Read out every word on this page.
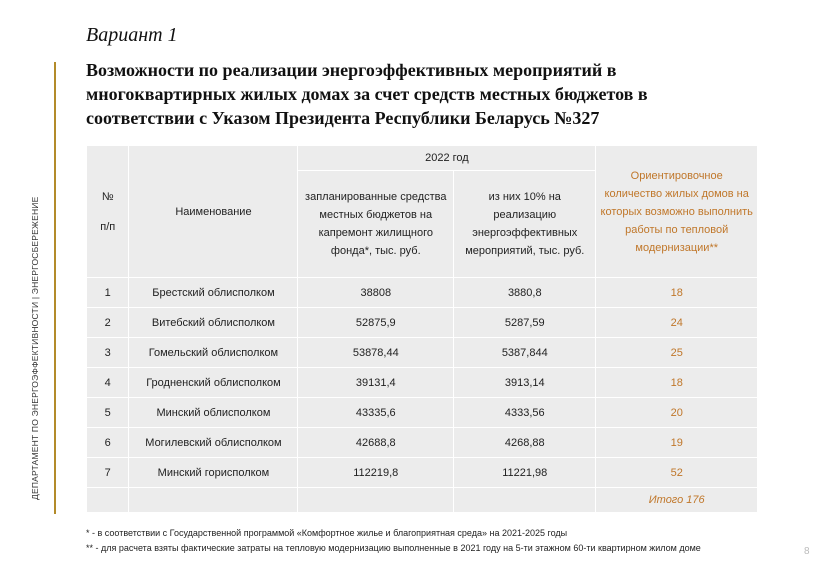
ДЕПАРТАМЕНТ ПО ЭНЕРГОЭФФЕКТИВНОСТИ | ЭНЕРГОСБЕРЕЖЕНИЕ
Вариант 1
Возможности по реализации энергоэффективных мероприятий в многоквартирных жилых домах за счет средств местных бюджетов в соответствии с Указом Президента Республики Беларусь №327
№
п/п	Наименование	2022 год		Ориентировочное количество жилых домов на которых возможно выполнить работы по тепловой модернизации**
		запланированные средства местных бюджетов на капремонт жилищного фонда*, тыс. руб.	из них 10% на реализацию энергоэффективных мероприятий, тыс. руб.	
1	Брестский облисполком	38808	3880,8	18
2	Витебский облисполком	52875,9	5287,59	24
3	Гомельский облисполком	53878,44	5387,844	25
4	Гродненский облисполком	39131,4	3913,14	18
5	Минский облисполком	43335,6	4333,56	20
6	Могилевский облисполком	42688,8	4268,88	19
7	Минский горисполком	112219,8	11221,98	52
				Итого 176
* - в соответствии с Государственной программой «Комфортное жилье и благоприятная среда» на 2021-2025 годы
** - для расчета взяты фактические затраты на тепловую модернизацию выполненные в 2021 году на 5-ти этажном 60-ти квартирном жилом доме	8
